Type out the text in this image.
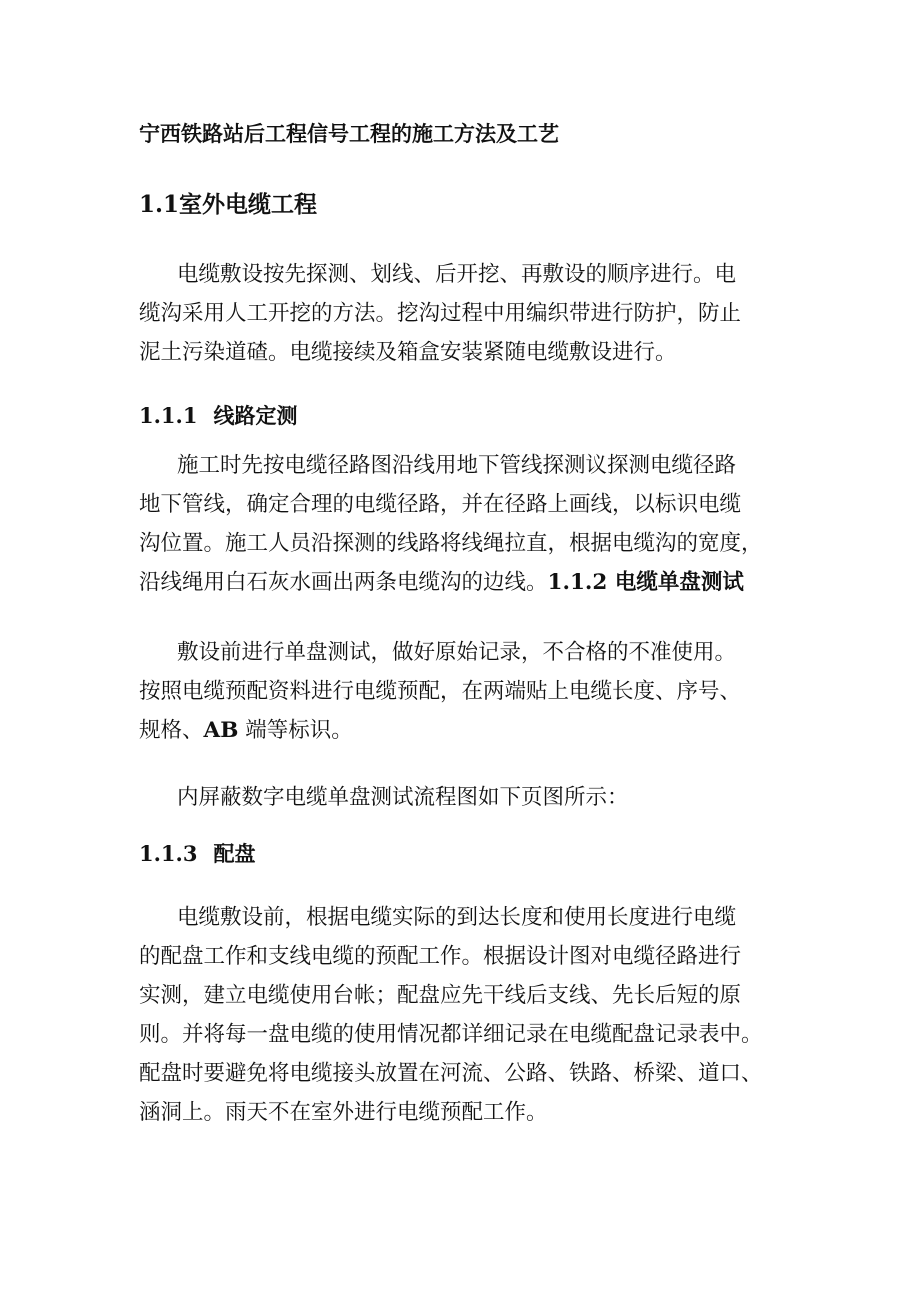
宁西铁路站后工程信号工程的施工方法及工艺
1.1室外电缆工程
电缆敷设按先探测、划线、后开挖、再敷设的顺序进行。电
缆沟采用人工开挖的方法。挖沟过程中用编织带进行防护，防止
泥土污染道碴。电缆接续及箱盒安装紧随电缆敷设进行。
1.1.1 线路定测
施工时先按电缆径路图沿线用地下管线探测议探测电缆径路
地下管线，确定合理的电缆径路，并在径路上画线，以标识电缆
沟位置。施工人员沿探测的线路将线绳拉直，根据电缆沟的宽度，
沿线绳用白石灰水画出两条电缆沟的边线。1.1.2 电缆单盘测试
敷设前进行单盘测试，做好原始记录，不合格的不准使用。
按照电缆预配资料进行电缆预配，在两端贴上电缆长度、序号、
规格、AB 端等标识。
内屏蔽数字电缆单盘测试流程图如下页图所示：
1.1.3 配盘
电缆敷设前，根据电缆实际的到达长度和使用长度进行电缆
的配盘工作和支线电缆的预配工作。根据设计图对电缆径路进行
实测，建立电缆使用台帐；配盘应先干线后支线、先长后短的原
则。并将每一盘电缆的使用情况都详细记录在电缆配盘记录表中。
配盘时要避免将电缆接头放置在河流、公路、铁路、桥梁、道口、
涵洞上。雨天不在室外进行电缆预配工作。
